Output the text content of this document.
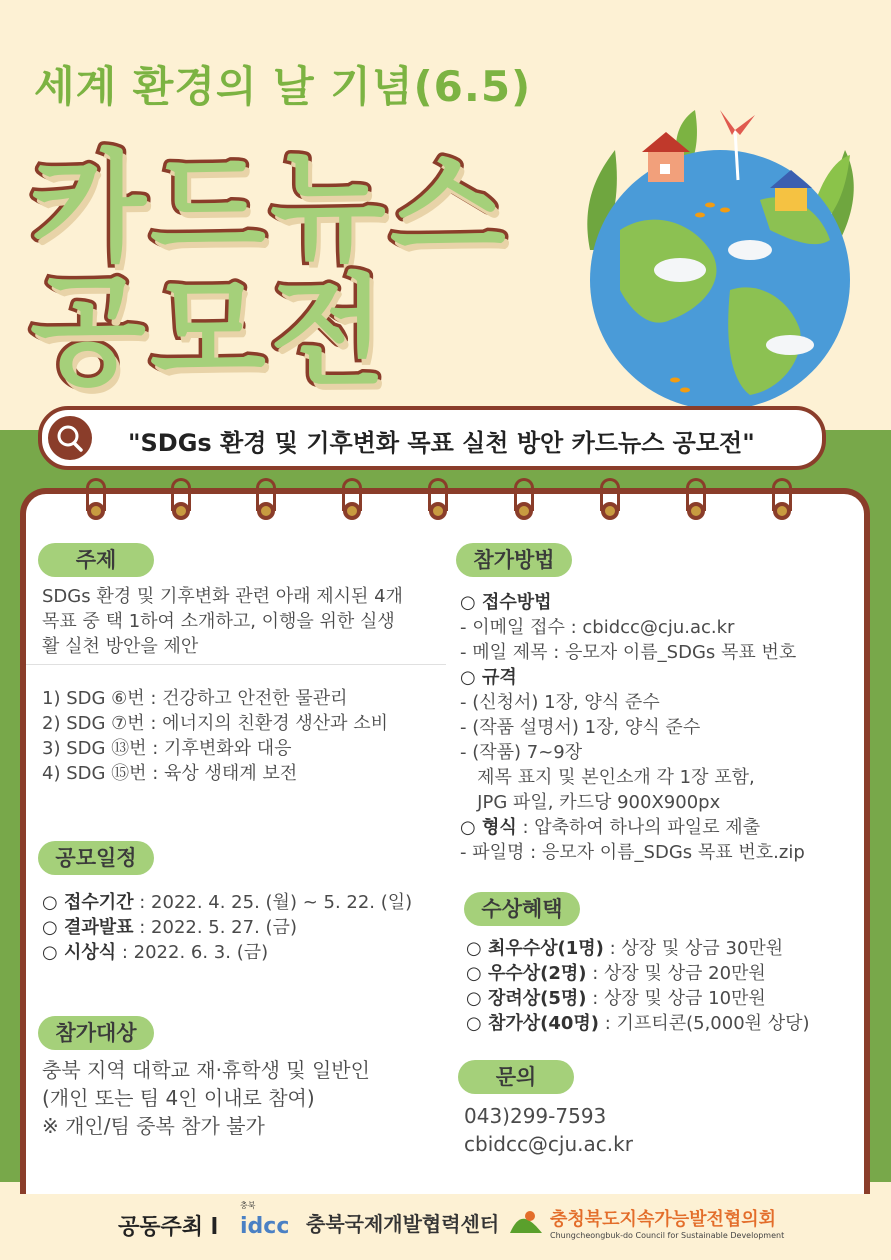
세계 환경의 날 기념(6.5)
카드뉴스
공모전
"SDGs 환경 및 기후변화 목표 실천 방안 카드뉴스 공모전"
주제
SDGs 환경 및 기후변화 관련 아래 제시된 4개
목표 중 택 1하여 소개하고, 이행을 위한 실생
활 실천 방안을 제안
1) SDG ⑥번 : 건강하고 안전한 물관리
2) SDG ⑦번 : 에너지의 친환경 생산과 소비
3) SDG ⑬번 : 기후변화와 대응
4) SDG ⑮번 : 육상 생태계 보전
공모일정
○ 접수기간 : 2022. 4. 25. (월) ~ 5. 22. (일)
○ 결과발표 : 2022. 5. 27. (금)
○ 시상식 : 2022. 6. 3. (금)
참가대상
충북 지역 대학교 재·휴학생 및 일반인
(개인 또는 팀 4인 이내로 참여)
※ 개인/팀 중복 참가 불가
참가방법
○ 접수방법
- 이메일 접수 : cbidcc@cju.ac.kr
- 메일 제목 : 응모자 이름_SDGs 목표 번호
○ 규격
- (신청서) 1장, 양식 준수
- (작품 설명서) 1장, 양식 준수
- (작품) 7~9장
제목 표지 및 본인소개 각 1장 포함,
JPG 파일, 카드당 900X900px
○ 형식 : 압축하여 하나의 파일로 제출
- 파일명 : 응모자 이름_SDGs 목표 번호.zip
수상혜택
○ 최우수상(1명) : 상장 및 상금 30만원
○ 우수상(2명) : 상장 및 상금 20만원
○ 장려상(5명) : 상장 및 상금 10만원
○ 참가상(40명) : 기프티콘(5,000원 상당)
문의
043)299-7593
cbidcc@cju.ac.kr
공동주최 l
충북
idcc 충북국제개발협력센터	충청북도지속가능발전협의회
Chungcheongbuk-do Council for Sustainable Development
